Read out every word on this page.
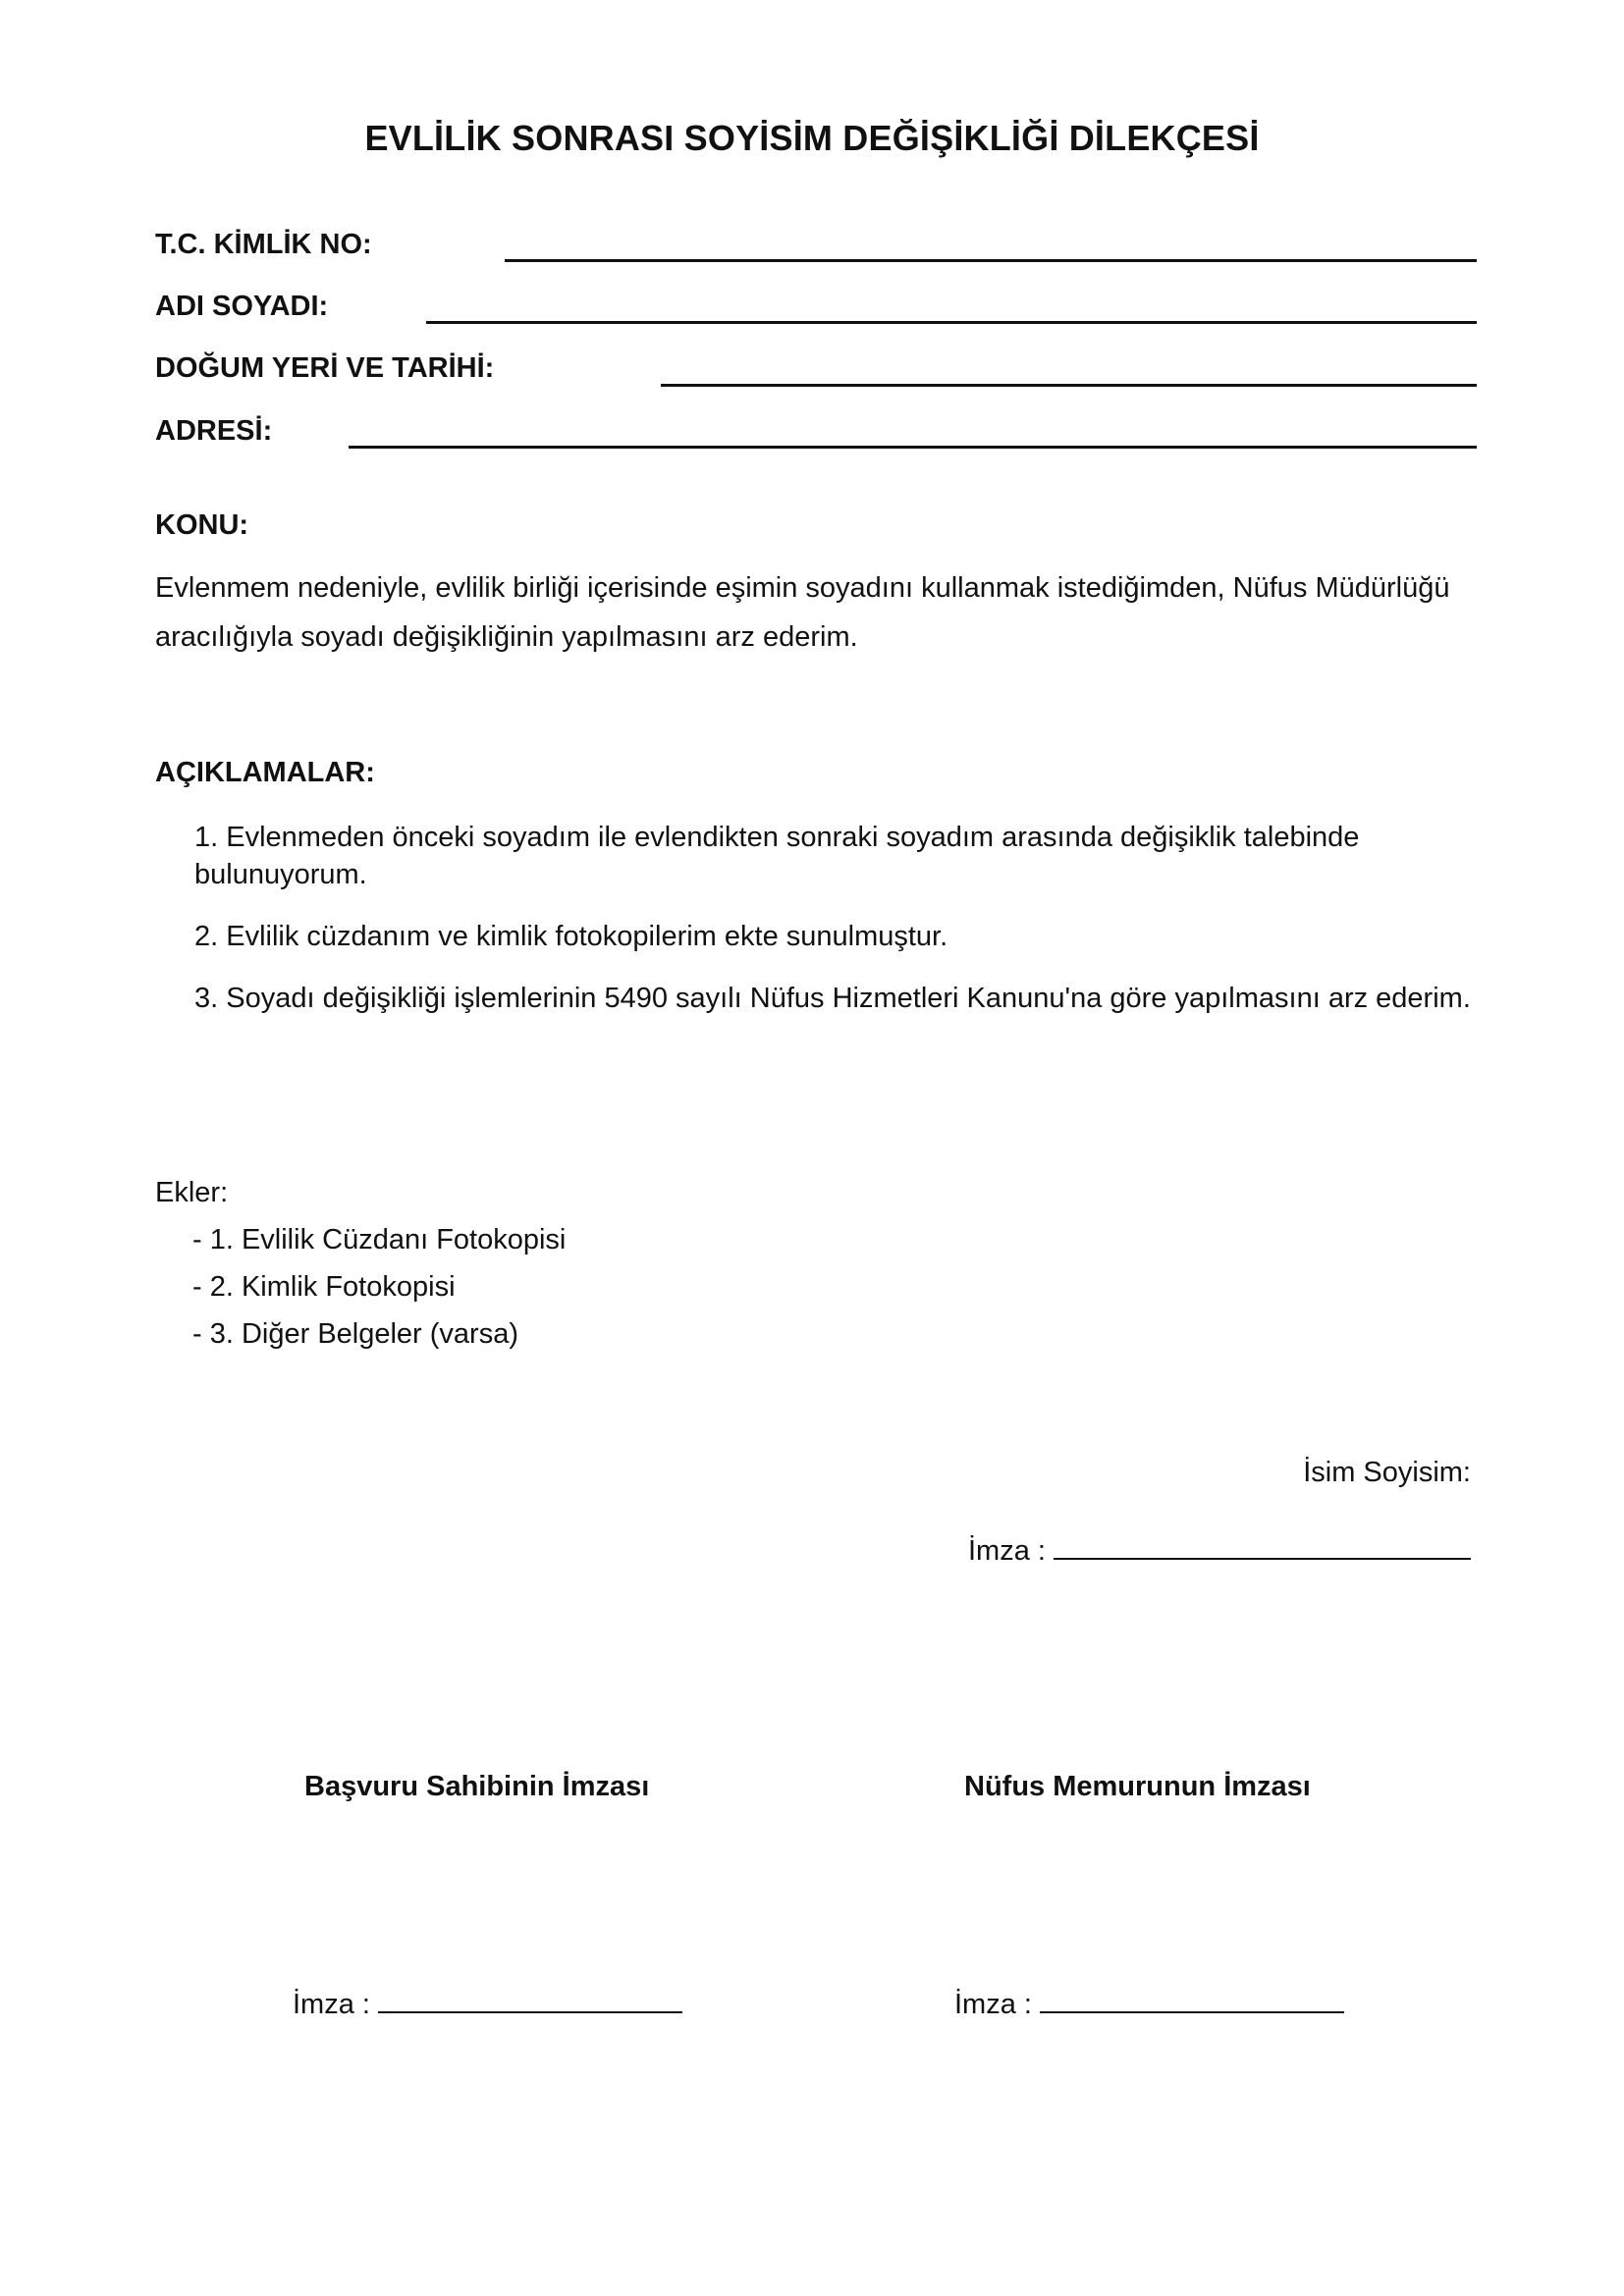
EVLİLİK SONRASI SOYİSİM DEĞİŞİKLİĞİ DİLEKÇESİ
T.C. KİMLİK NO:
ADI SOYADI:
DOĞUM YERİ VE TARİHİ:
ADRESİ:
KONU:
Evlenmem nedeniyle, evlilik birliği içerisinde eşimin soyadını kullanmak istediğimden, Nüfus Müdürlüğü aracılığıyla soyadı değişikliğinin yapılmasını arz ederim.
AÇIKLAMALAR:
1. Evlenmeden önceki soyadım ile evlendikten sonraki soyadım arasında değişiklik talebinde bulunuyorum.
2. Evlilik cüzdanım ve kimlik fotokopilerim ekte sunulmuştur.
3. Soyadı değişikliği işlemlerinin 5490 sayılı Nüfus Hizmetleri Kanunu'na göre yapılmasını arz ederim.
Ekler:
- 1. Evlilik Cüzdanı Fotokopisi
- 2. Kimlik Fotokopisi
- 3. Diğer Belgeler (varsa)
İsim Soyisim:
İmza :
Başvuru Sahibinin İmzası	Nüfus Memurunun İmzası
İmza :	İmza :
